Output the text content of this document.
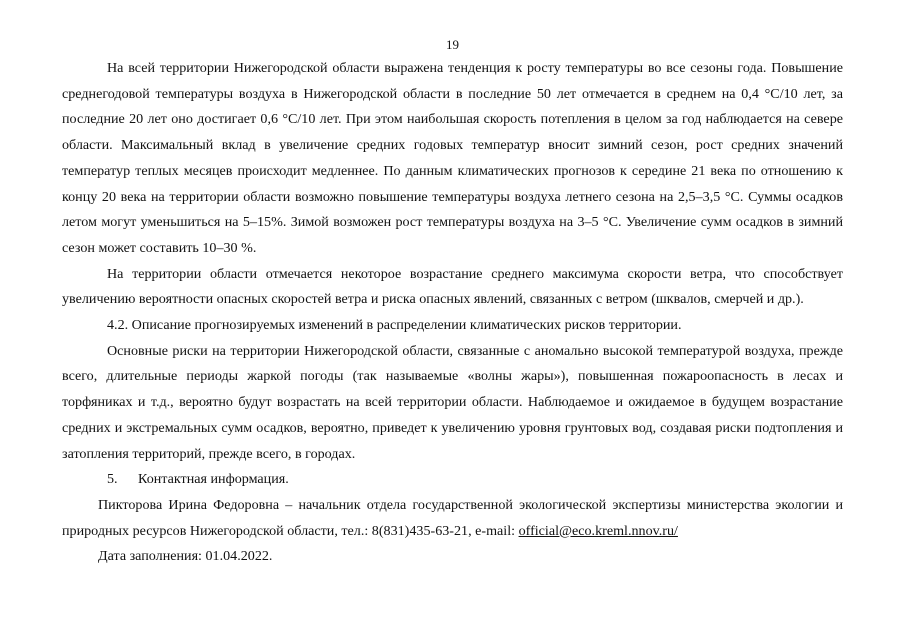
19

На всей территории Нижегородской области выражена тенденция к росту температуры во все сезоны года. Повышение среднегодовой температуры воздуха в Нижегородской области в последние 50 лет отмечается в среднем на 0,4 °С/10 лет, за последние 20 лет оно достигает 0,6 °С/10 лет. При этом наибольшая скорость потепления в целом за год наблюдается на севере области. Максимальный вклад в увеличение средних годовых температур вносит зимний сезон, рост средних значений температур теплых месяцев происходит медленнее. По данным климатических прогнозов к середине 21 века по отношению к концу 20 века на территории области возможно повышение температуры воздуха летнего сезона на 2,5–3,5 °С. Суммы осадков летом могут уменьшиться на 5–15%. Зимой возможен рост температуры воздуха на 3–5 °С. Увеличение сумм осадков в зимний сезон может составить 10–30 %.

На территории области отмечается некоторое возрастание среднего максимума скорости ветра, что способствует увеличению вероятности опасных скоростей ветра и риска опасных явлений, связанных с ветром (шквалов, смерчей и др.).

4.2. Описание прогнозируемых изменений в распределении климатических рисков территории.

Основные риски на территории Нижегородской области, связанные с аномально высокой температурой воздуха, прежде всего, длительные периоды жаркой погоды (так называемые «волны жары»), повышенная пожароопасность в лесах и торфяниках и т.д., вероятно будут возрастать на всей территории области. Наблюдаемое и ожидаемое в будущем возрастание средних и экстремальных сумм осадков, вероятно, приведет к увеличению уровня грунтовых вод, создавая риски подтопления и затопления территорий, прежде всего, в городах.

5. Контактная информация.

Пикторова Ирина Федоровна – начальник отдела государственной экологической экспертизы министерства экологии и природных ресурсов Нижегородской области, тел.: 8(831)435-63-21, e-mail: official@eco.kreml.nnov.ru/

Дата заполнения: 01.04.2022.
